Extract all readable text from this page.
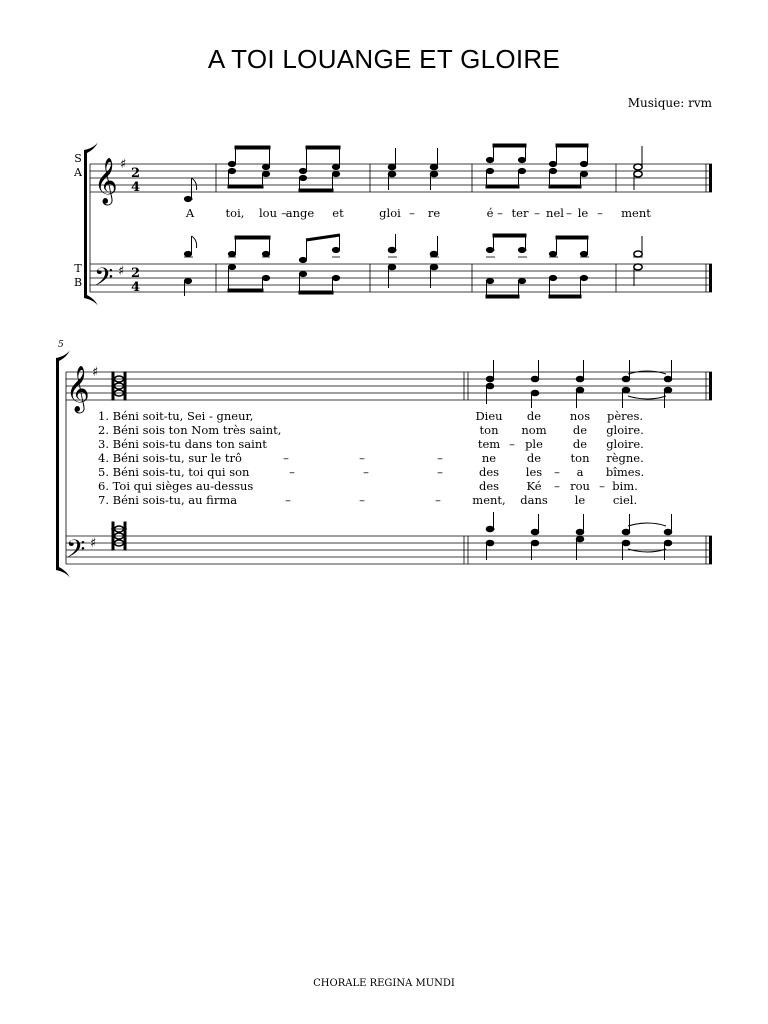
A TOI LOUANGE ET GLOIRE
Musique: rvm
S
A
T
B
5
A	toi, lou –
ange et	gloi – re	é – ter – nel – le – ment
1. Béni soit-tu, Sei - gneur,
2. Béni sois ton Nom très saint,
3. Béni sois-tu dans ton saint
4. Béni sois-tu, sur le trô
5. Béni sois-tu, toi qui son
6. Toi qui sièges au-dessus
7. Béni sois-tu, au firma
–	–	–
–	–	–
–	–	–
Dieu de	nos pères.
ton nom de gloire.
tem ple	de gloire.
ne	de	ton règne.
des les	a bîmes.
des Ké rou bim.
ment, dans le ciel.
–
–
–	–
𝄞
𝄢
𝄞
𝄢
♯
♯
♯
♯
2
4
2
4
CHORALE REGINA MUNDI
